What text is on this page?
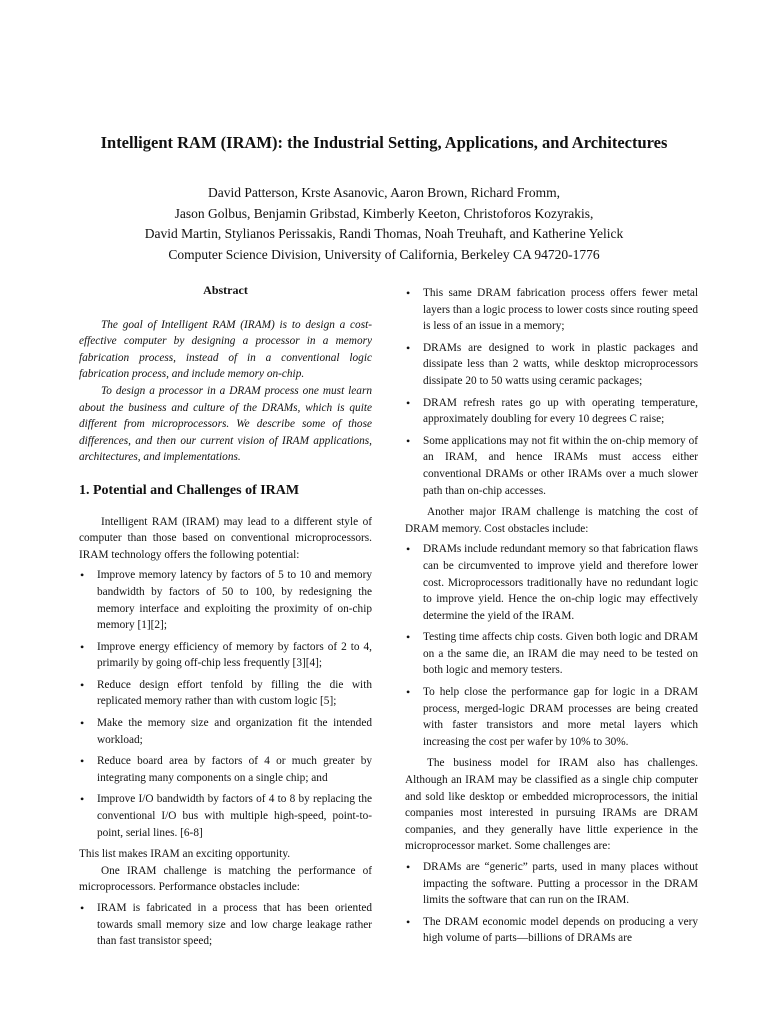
Intelligent RAM (IRAM): the Industrial Setting, Applications, and Architectures
David Patterson, Krste Asanovic, Aaron Brown, Richard Fromm,
Jason Golbus, Benjamin Gribstad, Kimberly Keeton, Christoforos Kozyrakis,
David Martin, Stylianos Perissakis, Randi Thomas, Noah Treuhaft, and Katherine Yelick
Computer Science Division, University of California, Berkeley CA 94720-1776
Abstract

The goal of Intelligent RAM (IRAM) is to design a cost-effective computer by designing a processor in a memory fabrication process, instead of in a conventional logic fabrication process, and include memory on-chip.

To design a processor in a DRAM process one must learn about the business and culture of the DRAMs, which is quite different from microprocessors. We describe some of those differences, and then our current vision of IRAM applications, architectures, and implementations.

1. Potential and Challenges of IRAM

Intelligent RAM (IRAM) may lead to a different style of computer than those based on conventional microprocessors. IRAM technology offers the following potential:

• Improve memory latency by factors of 5 to 10 and memory bandwidth by factors of 50 to 100, by redesigning the memory interface and exploiting the proximity of on-chip memory [1][2];
• Improve energy efficiency of memory by factors of 2 to 4, primarily by going off-chip less frequently [3][4];
• Reduce design effort tenfold by filling the die with replicated memory rather than with custom logic [5];
• Make the memory size and organization fit the intended workload;
• Reduce board area by factors of 4 or much greater by integrating many components on a single chip; and
• Improve I/O bandwidth by factors of 4 to 8 by replacing the conventional I/O bus with multiple high-speed, point-to-point, serial lines. [6-8]

This list makes IRAM an exciting opportunity.

One IRAM challenge is matching the performance of microprocessors. Performance obstacles include:

• IRAM is fabricated in a process that has been oriented towards small memory size and low charge leakage rather than fast transistor speed;
• This same DRAM fabrication process offers fewer metal layers than a logic process to lower costs since routing speed is less of an issue in a memory;
• DRAMs are designed to work in plastic packages and dissipate less than 2 watts, while desktop microprocessors dissipate 20 to 50 watts using ceramic packages;
• DRAM refresh rates go up with operating temperature, approximately doubling for every 10 degrees C raise;
• Some applications may not fit within the on-chip memory of an IRAM, and hence IRAMs must access either conventional DRAMs or other IRAMs over a much slower path than on-chip accesses.

Another major IRAM challenge is matching the cost of DRAM memory. Cost obstacles include:

• DRAMs include redundant memory so that fabrication flaws can be circumvented to improve yield and therefore lower cost. Microprocessors traditionally have no redundant logic to improve yield. Hence the on-chip logic may effectively determine the yield of the IRAM.
• Testing time affects chip costs. Given both logic and DRAM on a the same die, an IRAM die may need to be tested on both logic and memory testers.
• To help close the performance gap for logic in a DRAM process, merged-logic DRAM processes are being created with faster transistors and more metal layers which increasing the cost per wafer by 10% to 30%.

The business model for IRAM also has challenges. Although an IRAM may be classified as a single chip computer and sold like desktop or embedded microprocessors, the initial companies most interested in pursuing IRAMs are DRAM companies, and they generally have little experience in the microprocessor market. Some challenges are:

• DRAMs are “generic” parts, used in many places without impacting the software. Putting a processor in the DRAM limits the software that can run on the IRAM.
• The DRAM economic model depends on producing a very high volume of parts—billions of DRAMs are
